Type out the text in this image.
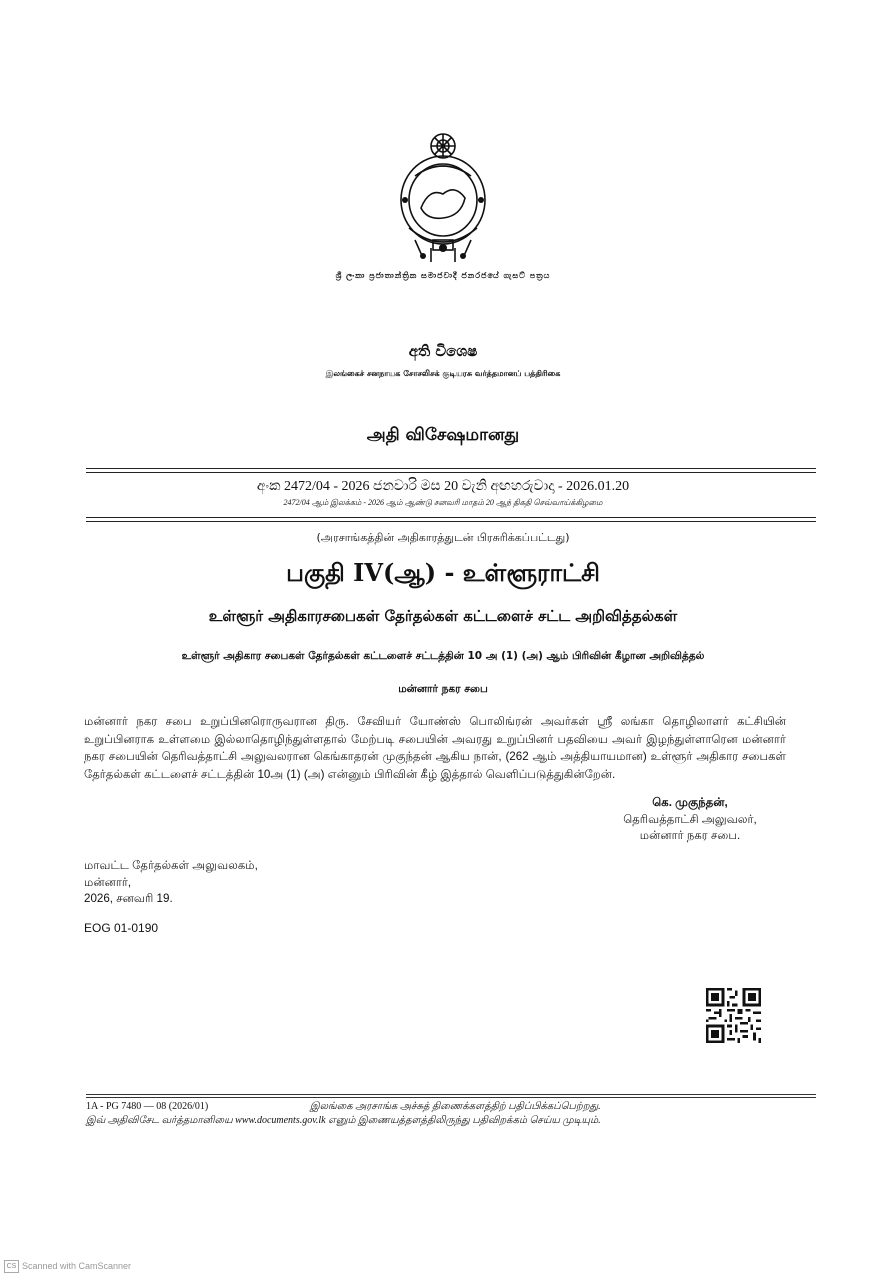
ශ්‍රී ලංකා ප්‍රජාතාන්ත්‍රික සමාජවාදී ජනරජයේ ගැසට් පත්‍රය
අති විශෙෂ
இலங்கைச் சனநாயக சோசலிசக் குடியரசு வர்த்தமானப் பத்திரிகை
அதி விசேஷமானது
අංක 2472/04 - 2026 ජනවාරි මස 20 වැනි අඟහරුවාදා - 2026.01.20
2472/04 ஆம் இலக்கம் - 2026 ஆம் ஆண்டு சனவரி மாதம் 20 ஆந் திகதி செவ்வாய்க்கிழமை
(அரசாங்கத்தின் அதிகாரத்துடன் பிரசுரிக்கப்பட்டது)
பகுதி IV(ஆ) - உள்ளூராட்சி
உள்ளூர் அதிகாரசபைகள் தேர்தல்கள் கட்டளைச் சட்ட அறிவித்தல்கள்
உள்ளூர் அதிகார சபைகள் தேர்தல்கள் கட்டளைச் சட்டத்தின் 10 அ (1) (அ) ஆம் பிரிவின் கீழான அறிவித்தல்
மன்னார் நகர சபை
மன்னார் நகர சபை உறுப்பினரொருவரான திரு. சேவியர் யோண்ஸ் பொலிங்ரன் அவர்கள் ஸ்ரீ லங்கா தொழிலாளர் கட்சியின் உறுப்பினராக உள்ளமை இல்லாதொழிந்துள்ளதால் மேற்படி சபையின் அவரது உறுப்பினர் பதவியை அவர் இழந்துள்ளாரென மன்னார் நகர சபையின் தெரிவத்தாட்சி அலுவலரான கெங்காதரன் முகுந்தன் ஆகிய நான், (262 ஆம் அத்தியாயமான) உள்ளூர் அதிகார சபைகள் தேர்தல்கள் கட்டளைச் சட்டத்தின் 10அ (1) (அ) என்னும் பிரிவின் கீழ் இத்தால் வெளிப்படுத்துகின்றேன்.
கெ. முகுந்தன்,
தெரிவத்தாட்சி அலுவலர்,
மன்னார் நகர சபை.
மாவட்ட தேர்தல்கள் அலுவலகம்,
மன்னார்,
2026, சனவரி 19.
EOG 01-0190
1A - PG 7480 — 08 (2026/01)	இலங்கை அரசாங்க அச்சுத் திணைக்களத்திற் பதிப்பிக்கப்பெற்றது.
இவ் அதிவிசேட வர்த்தமானியை www.documents.gov.lk எனும் இணையத்தளத்திலிருந்து பதிவிறக்கம் செய்ய முடியும்.
CS Scanned with CamScanner
